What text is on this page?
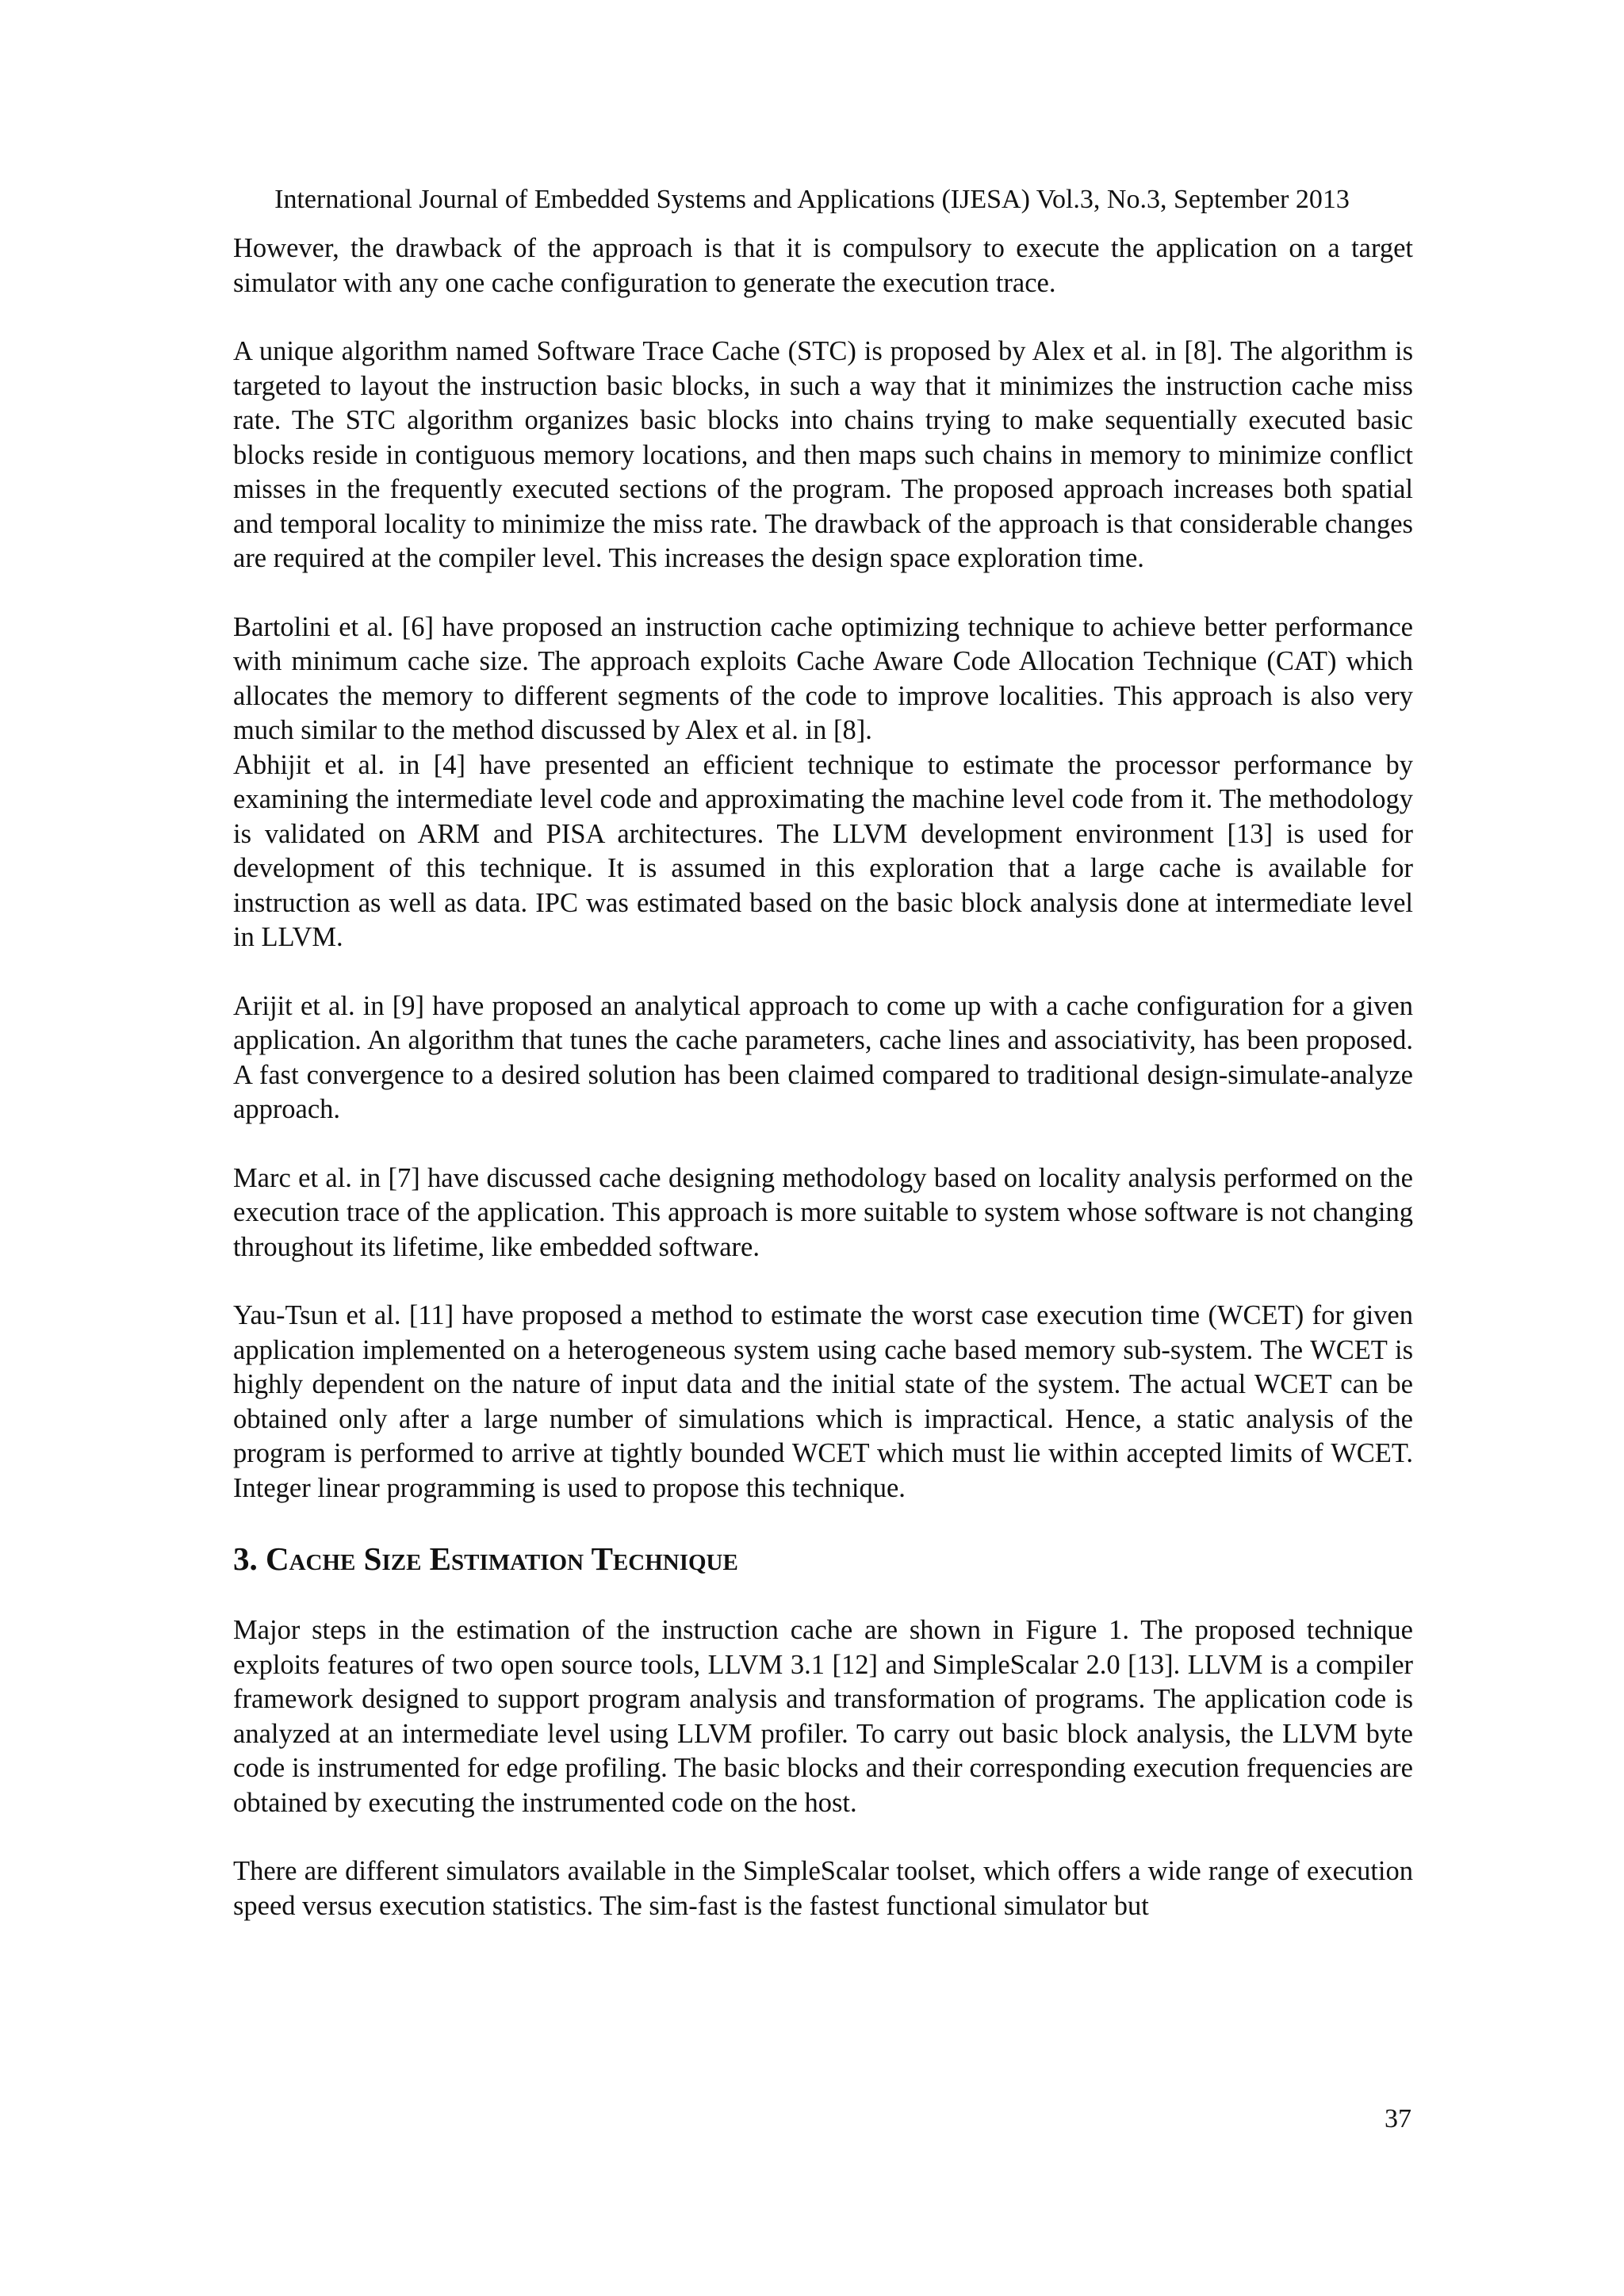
International Journal of Embedded Systems and Applications (IJESA) Vol.3, No.3, September 2013

However, the drawback of the approach is that it is compulsory to execute the application on a target simulator with any one cache configuration to generate the execution trace.

A unique algorithm named Software Trace Cache (STC) is proposed by Alex et al. in [8]. The algorithm is targeted to layout the instruction basic blocks, in such a way that it minimizes the instruction cache miss rate. The STC algorithm organizes basic blocks into chains trying to make sequentially executed basic blocks reside in contiguous memory locations, and then maps such chains in memory to minimize conflict misses in the frequently executed sections of the program. The proposed approach increases both spatial and temporal locality to minimize the miss rate. The drawback of the approach is that considerable changes are required at the compiler level. This increases the design space exploration time.

Bartolini et al. [6] have proposed an instruction cache optimizing technique to achieve better performance with minimum cache size. The approach exploits Cache Aware Code Allocation Technique (CAT) which allocates the memory to different segments of the code to improve localities. This approach is also very much similar to the method discussed by Alex et al. in [8].

Abhijit et al. in [4] have presented an efficient technique to estimate the processor performance by examining the intermediate level code and approximating the machine level code from it. The methodology is validated on ARM and PISA architectures. The LLVM development environment [13] is used for development of this technique. It is assumed in this exploration that a large cache is available for instruction as well as data. IPC was estimated based on the basic block analysis done at intermediate level in LLVM.

Arijit et al. in [9] have proposed an analytical approach to come up with a cache configuration for a given application. An algorithm that tunes the cache parameters, cache lines and associativity, has been proposed. A fast convergence to a desired solution has been claimed compared to traditional design-simulate-analyze approach.

Marc et al. in [7] have discussed cache designing methodology based on locality analysis performed on the execution trace of the application. This approach is more suitable to system whose software is not changing throughout its lifetime, like embedded software.

Yau-Tsun et al. [11] have proposed a method to estimate the worst case execution time (WCET) for given application implemented on a heterogeneous system using cache based memory sub-system. The WCET is highly dependent on the nature of input data and the initial state of the system. The actual WCET can be obtained only after a large number of simulations which is impractical. Hence, a static analysis of the program is performed to arrive at tightly bounded WCET which must lie within accepted limits of WCET. Integer linear programming is used to propose this technique.

3. Cache Size Estimation Technique

Major steps in the estimation of the instruction cache are shown in Figure 1. The proposed technique exploits features of two open source tools, LLVM 3.1 [12] and SimpleScalar 2.0 [13]. LLVM is a compiler framework designed to support program analysis and transformation of programs. The application code is analyzed at an intermediate level using LLVM profiler. To carry out basic block analysis, the LLVM byte code is instrumented for edge profiling. The basic blocks and their corresponding execution frequencies are obtained by executing the instrumented code on the host.

There are different simulators available in the SimpleScalar toolset, which offers a wide range of execution speed versus execution statistics. The sim-fast is the fastest functional simulator but

37
